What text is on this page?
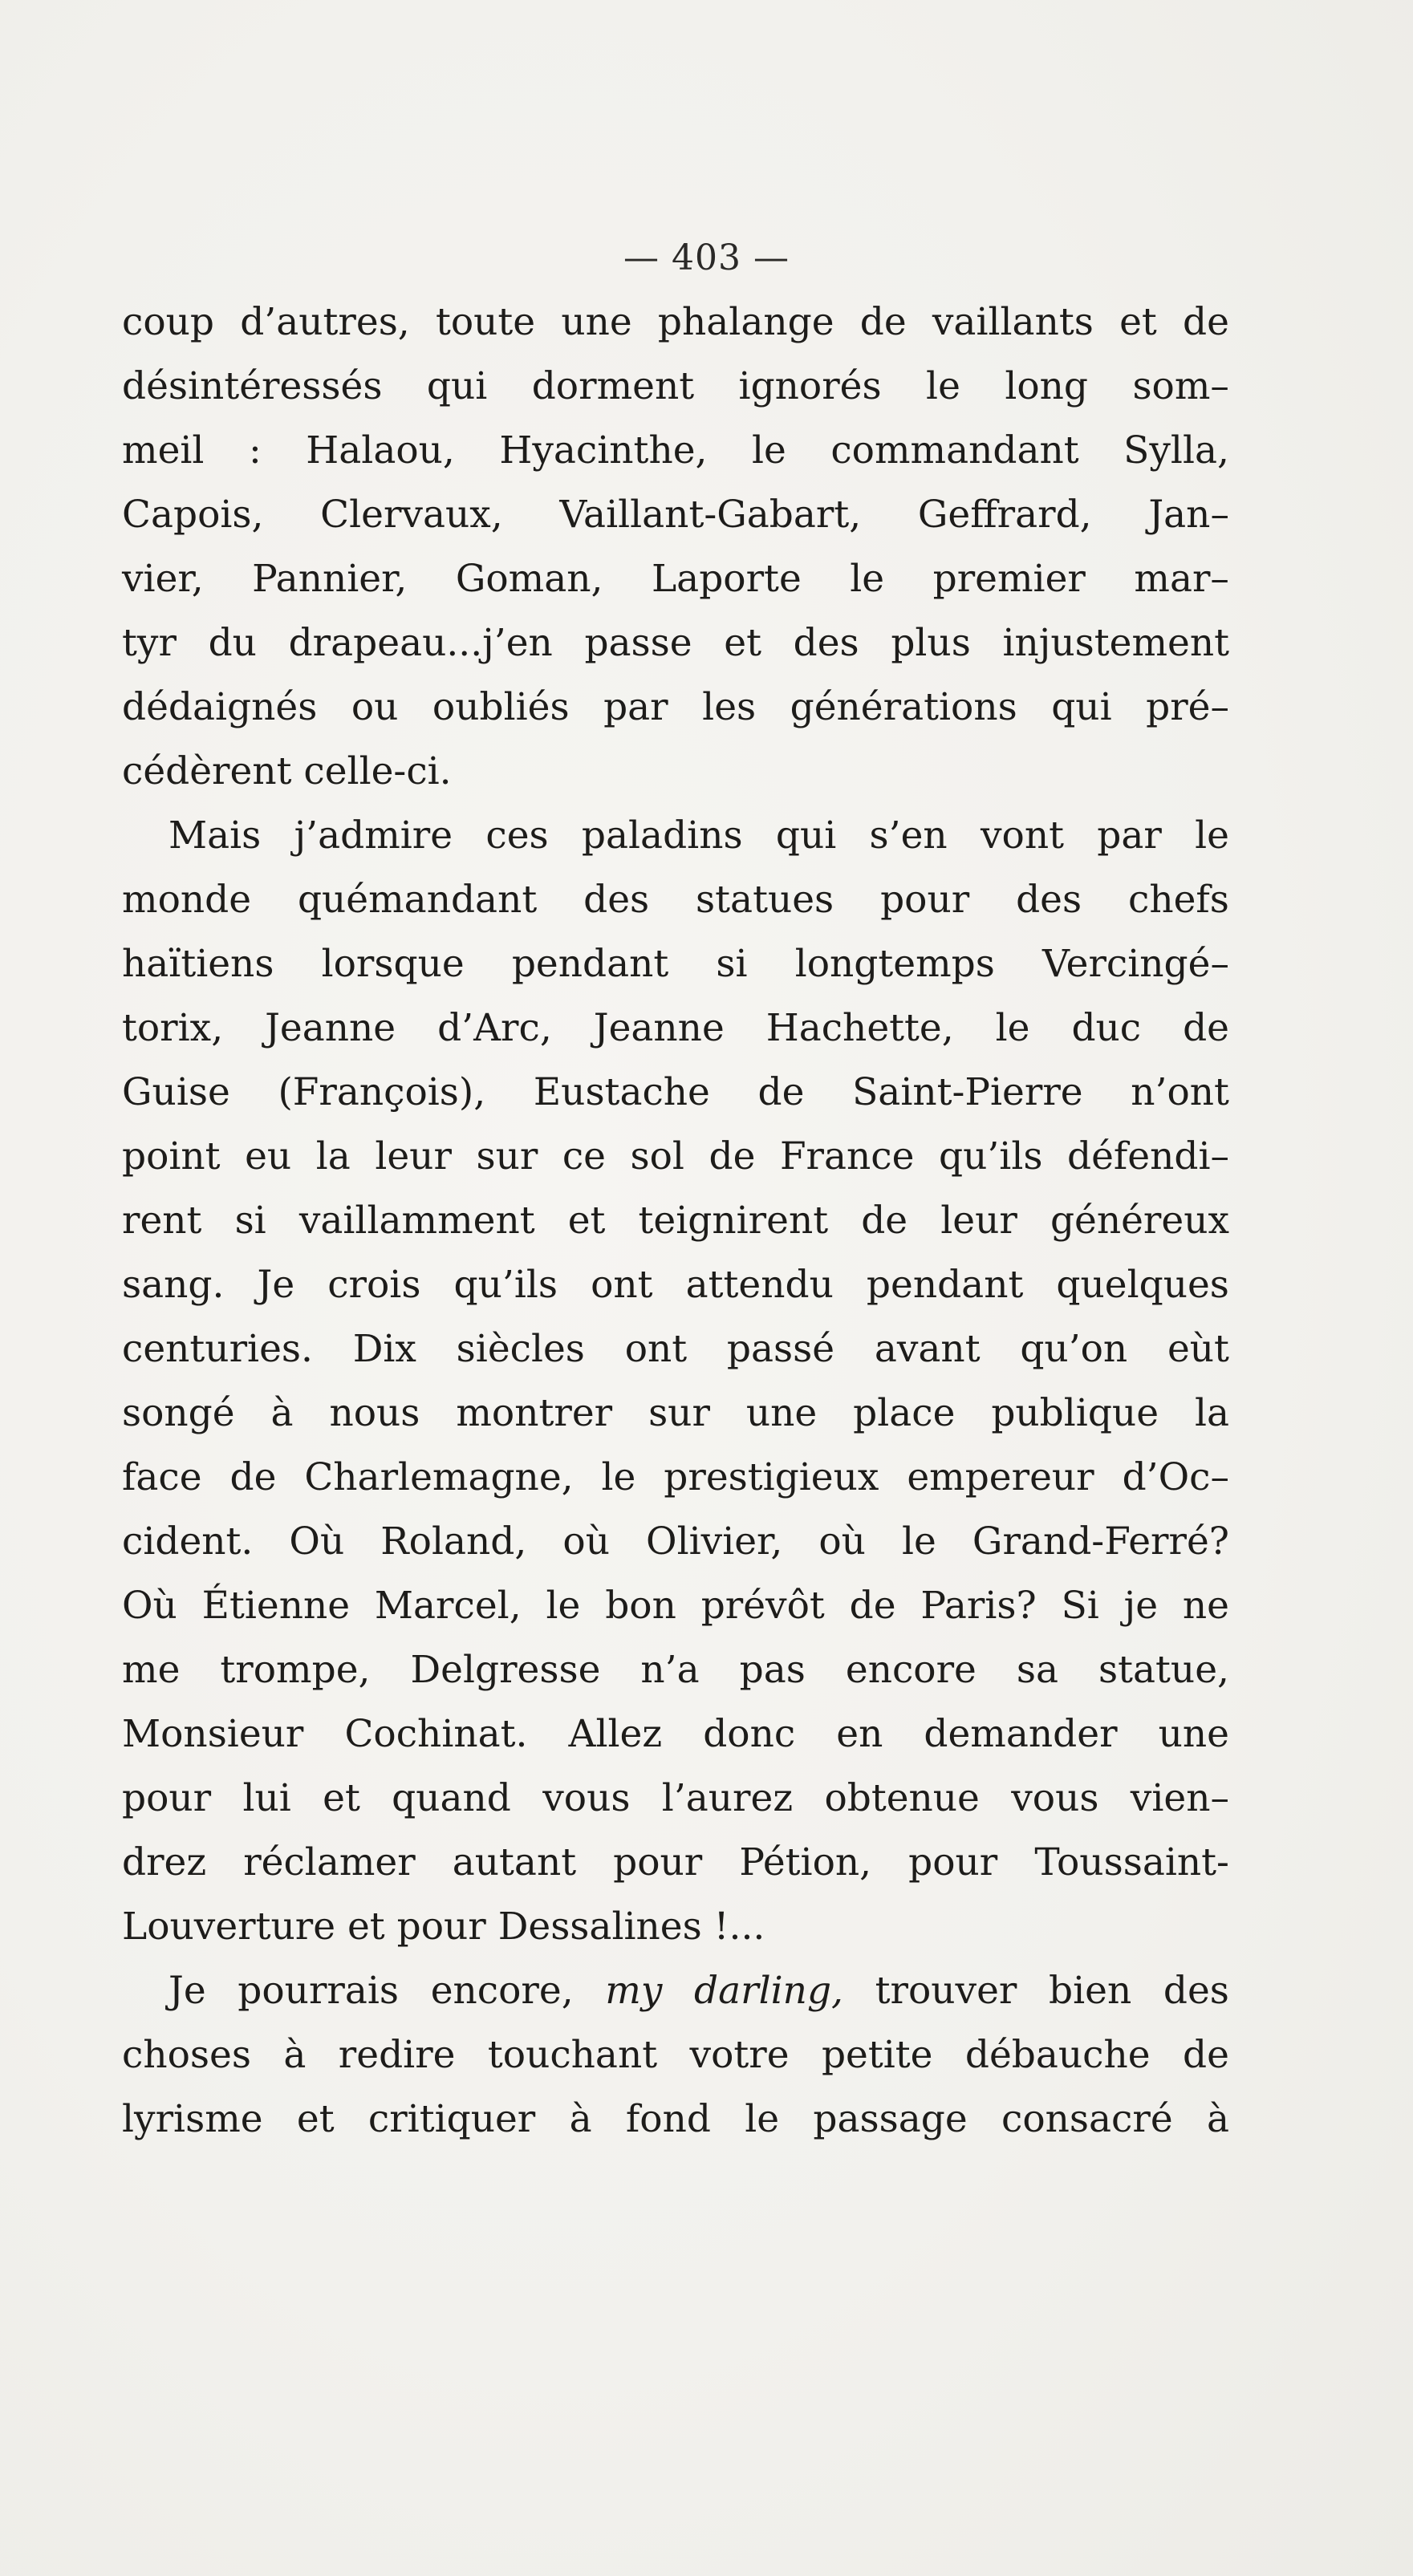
— 403 —
coup d’autres, toute une phalange de vaillants et de
désintéressés qui dorment ignorés le long som–
meil : Halaou, Hyacinthe, le commandant Sylla,
Capois, Clervaux, Vaillant-Gabart, Geffrard, Jan–
vier, Pannier, Goman, Laporte le premier mar–
tyr du drapeau...j’en passe et des plus injustement
dédaignés ou oubliés par les générations qui pré–
cédèrent celle-ci.
Mais j’admire ces paladins qui s’en vont par le
monde quémandant des statues pour des chefs
haïtiens lorsque pendant si longtemps Vercingé–
torix, Jeanne d’Arc, Jeanne Hachette, le duc de
Guise (François), Eustache de Saint-Pierre n’ont
point eu la leur sur ce sol de France qu’ils défendi–
rent si vaillamment et teignirent de leur généreux
sang. Je crois qu’ils ont attendu pendant quelques
centuries. Dix siècles ont passé avant qu’on eùt
songé à nous montrer sur une place publique la
face de Charlemagne, le prestigieux empereur d’Oc–
cident. Où Roland, où Olivier, où le Grand-Ferré?
Où Étienne Marcel, le bon prévôt de Paris? Si je ne
me trompe, Delgresse n’a pas encore sa statue,
Monsieur Cochinat. Allez donc en demander une
pour lui et quand vous l’aurez obtenue vous vien–
drez réclamer autant pour Pétion, pour Toussaint-
Louverture et pour Dessalines !...
Je pourrais encore, my darling, trouver bien des
choses à redire touchant votre petite débauche de
lyrisme et critiquer à fond le passage consacré à
